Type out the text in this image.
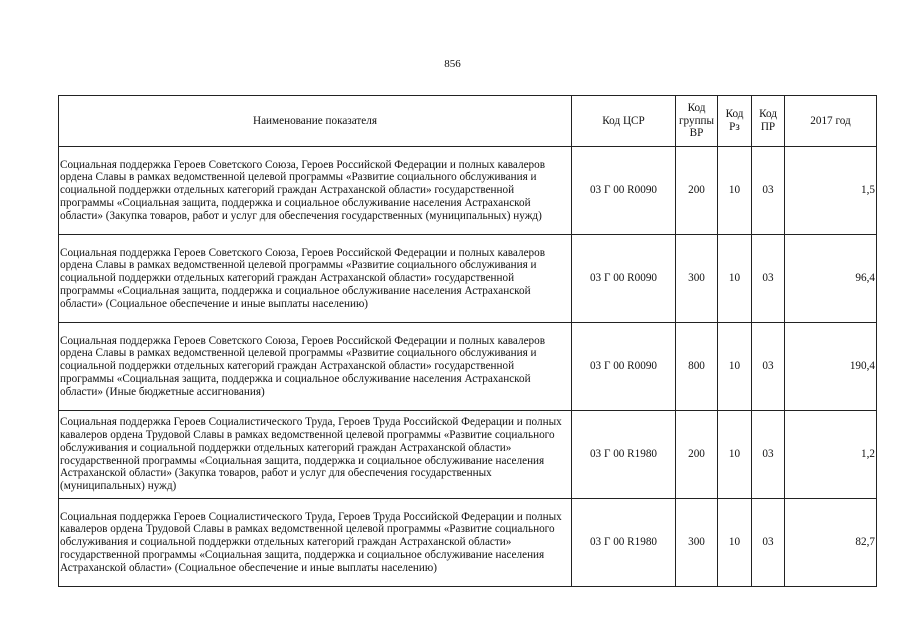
856
Наименование показателя	Код ЦСР	Код группы ВР	Код Рз	Код ПР	2017 год
Социальная поддержка Героев Советского Союза, Героев Российской Федерации и полных кавалеров ордена Славы в рамках ведомственной целевой программы «Развитие социального обслуживания и социальной поддержки отдельных категорий граждан Астраханской области» государственной программы «Социальная защита, поддержка и социальное обслуживание населения Астраханской области» (Закупка товаров, работ и услуг для обеспечения государственных (муниципальных) нужд)	03 Г 00 R0090	200	10	03	1,5
Социальная поддержка Героев Советского Союза, Героев Российской Федерации и полных кавалеров ордена Славы в рамках ведомственной целевой программы «Развитие социального обслуживания и социальной поддержки отдельных категорий граждан Астраханской области» государственной программы «Социальная защита, поддержка и социальное обслуживание населения Астраханской области» (Социальное обеспечение и иные выплаты населению)	03 Г 00 R0090	300	10	03	96,4
Социальная поддержка Героев Советского Союза, Героев Российской Федерации и полных кавалеров ордена Славы в рамках ведомственной целевой программы «Развитие социального обслуживания и социальной поддержки отдельных категорий граждан Астраханской области» государственной программы «Социальная защита, поддержка и социальное обслуживание населения Астраханской области» (Иные бюджетные ассигнования)	03 Г 00 R0090	800	10	03	190,4
Социальная поддержка Героев Социалистического Труда, Героев Труда Российской Федерации и полных кавалеров ордена Трудовой Славы в рамках ведомственной целевой программы «Развитие социального обслуживания и социальной поддержки отдельных категорий граждан Астраханской области» государственной программы «Социальная защита, поддержка и социальное обслуживание населения Астраханской области» (Закупка товаров, работ и услуг для обеспечения государственных (муниципальных) нужд)	03 Г 00 R1980	200	10	03	1,2
Социальная поддержка Героев Социалистического Труда, Героев Труда Российской Федерации и полных кавалеров ордена Трудовой Славы в рамках ведомственной целевой программы «Развитие социального обслуживания и социальной поддержки отдельных категорий граждан Астраханской области» государственной программы «Социальная защита, поддержка и социальное обслуживание населения Астраханской области» (Социальное обеспечение и иные выплаты населению)	03 Г 00 R1980	300	10	03	82,7
